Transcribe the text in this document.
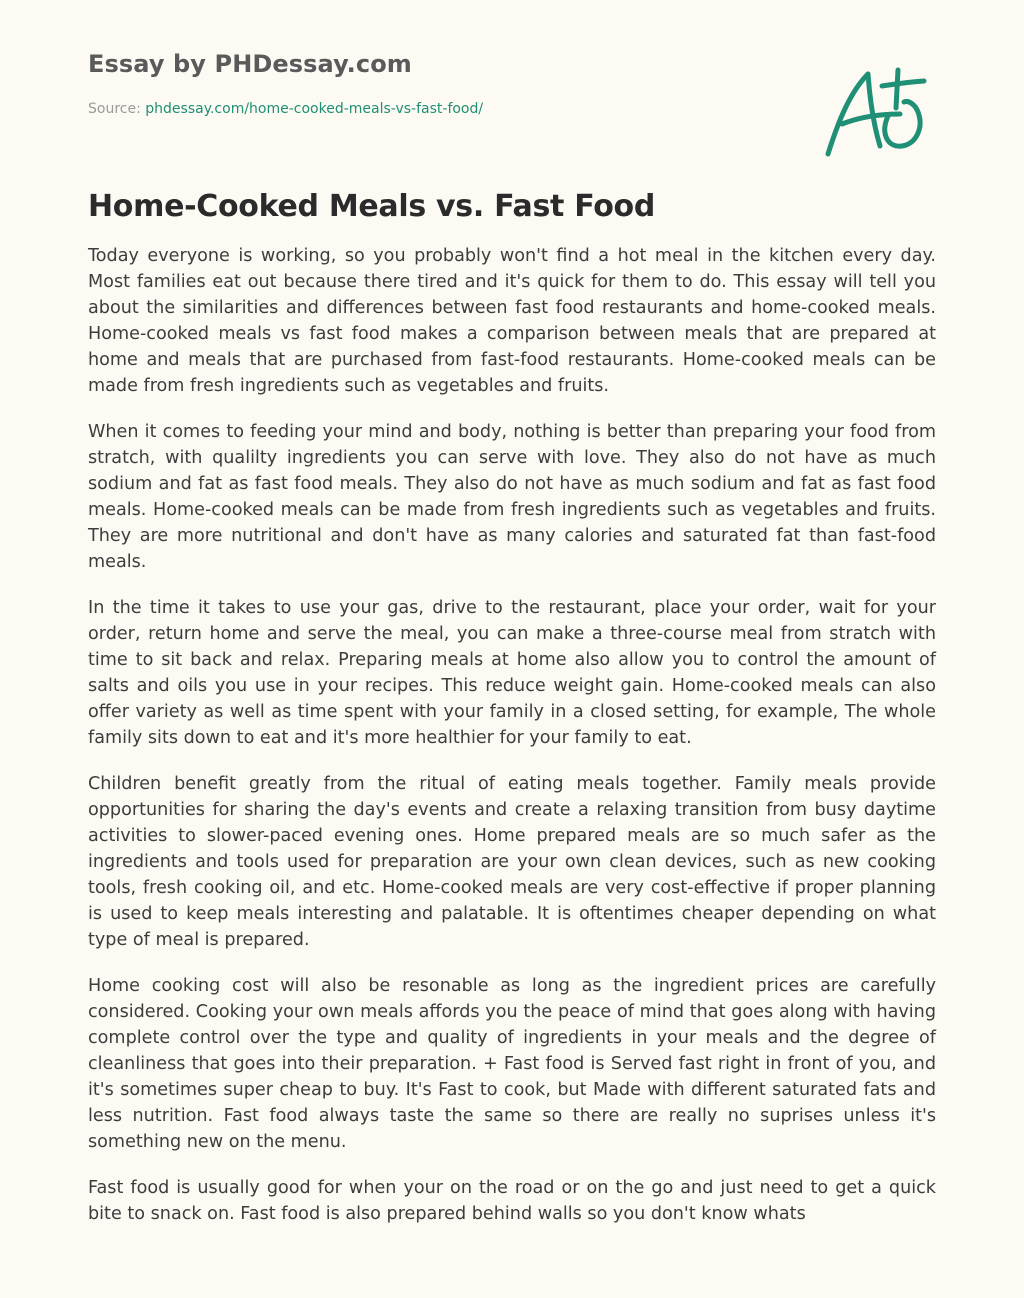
Essay by PHDessay.com
Source: phdessay.com/home-cooked-meals-vs-fast-food/
Home-Cooked Meals vs. Fast Food

Today everyone is working, so you probably won't find a hot meal in the kitchen every day. Most families eat out because there tired and it's quick for them to do. This essay will tell you about the similarities and differences between fast food restaurants and home-cooked meals. Home-cooked meals vs fast food makes a comparison between meals that are prepared at home and meals that are purchased from fast-food restaurants. Home-cooked meals can be made from fresh ingredients such as vegetables and fruits.

When it comes to feeding your mind and body, nothing is better than preparing your food from stratch, with qualilty ingredients you can serve with love. They also do not have as much sodium and fat as fast food meals. They also do not have as much sodium and fat as fast food meals. Home-cooked meals can be made from fresh ingredients such as vegetables and fruits. They are more nutritional and don't have as many calories and saturated fat than fast-food meals.

In the time it takes to use your gas, drive to the restaurant, place your order, wait for your order, return home and serve the meal, you can make a three-course meal from stratch with time to sit back and relax. Preparing meals at home also allow you to control the amount of salts and oils you use in your recipes. This reduce weight gain. Home-cooked meals can also offer variety as well as time spent with your family in a closed setting, for example, The whole family sits down to eat and it's more healthier for your family to eat.

Children benefit greatly from the ritual of eating meals together. Family meals provide opportunities for sharing the day's events and create a relaxing transition from busy daytime activities to slower-paced evening ones. Home prepared meals are so much safer as the ingredients and tools used for preparation are your own clean devices, such as new cooking tools, fresh cooking oil, and etc. Home-cooked meals are very cost-effective if proper planning is used to keep meals interesting and palatable. It is oftentimes cheaper depending on what type of meal is prepared.

Home cooking cost will also be resonable as long as the ingredient prices are carefully considered. Cooking your own meals affords you the peace of mind that goes along with having complete control over the type and quality of ingredients in your meals and the degree of cleanliness that goes into their preparation. + Fast food is Served fast right in front of you, and it's sometimes super cheap to buy. It's Fast to cook, but Made with different saturated fats and less nutrition. Fast food always taste the same so there are really no suprises unless it's something new on the menu.

Fast food is usually good for when your on the road or on the go and just need to get a quick bite to snack on. Fast food is also prepared behind walls so you don't know whats
